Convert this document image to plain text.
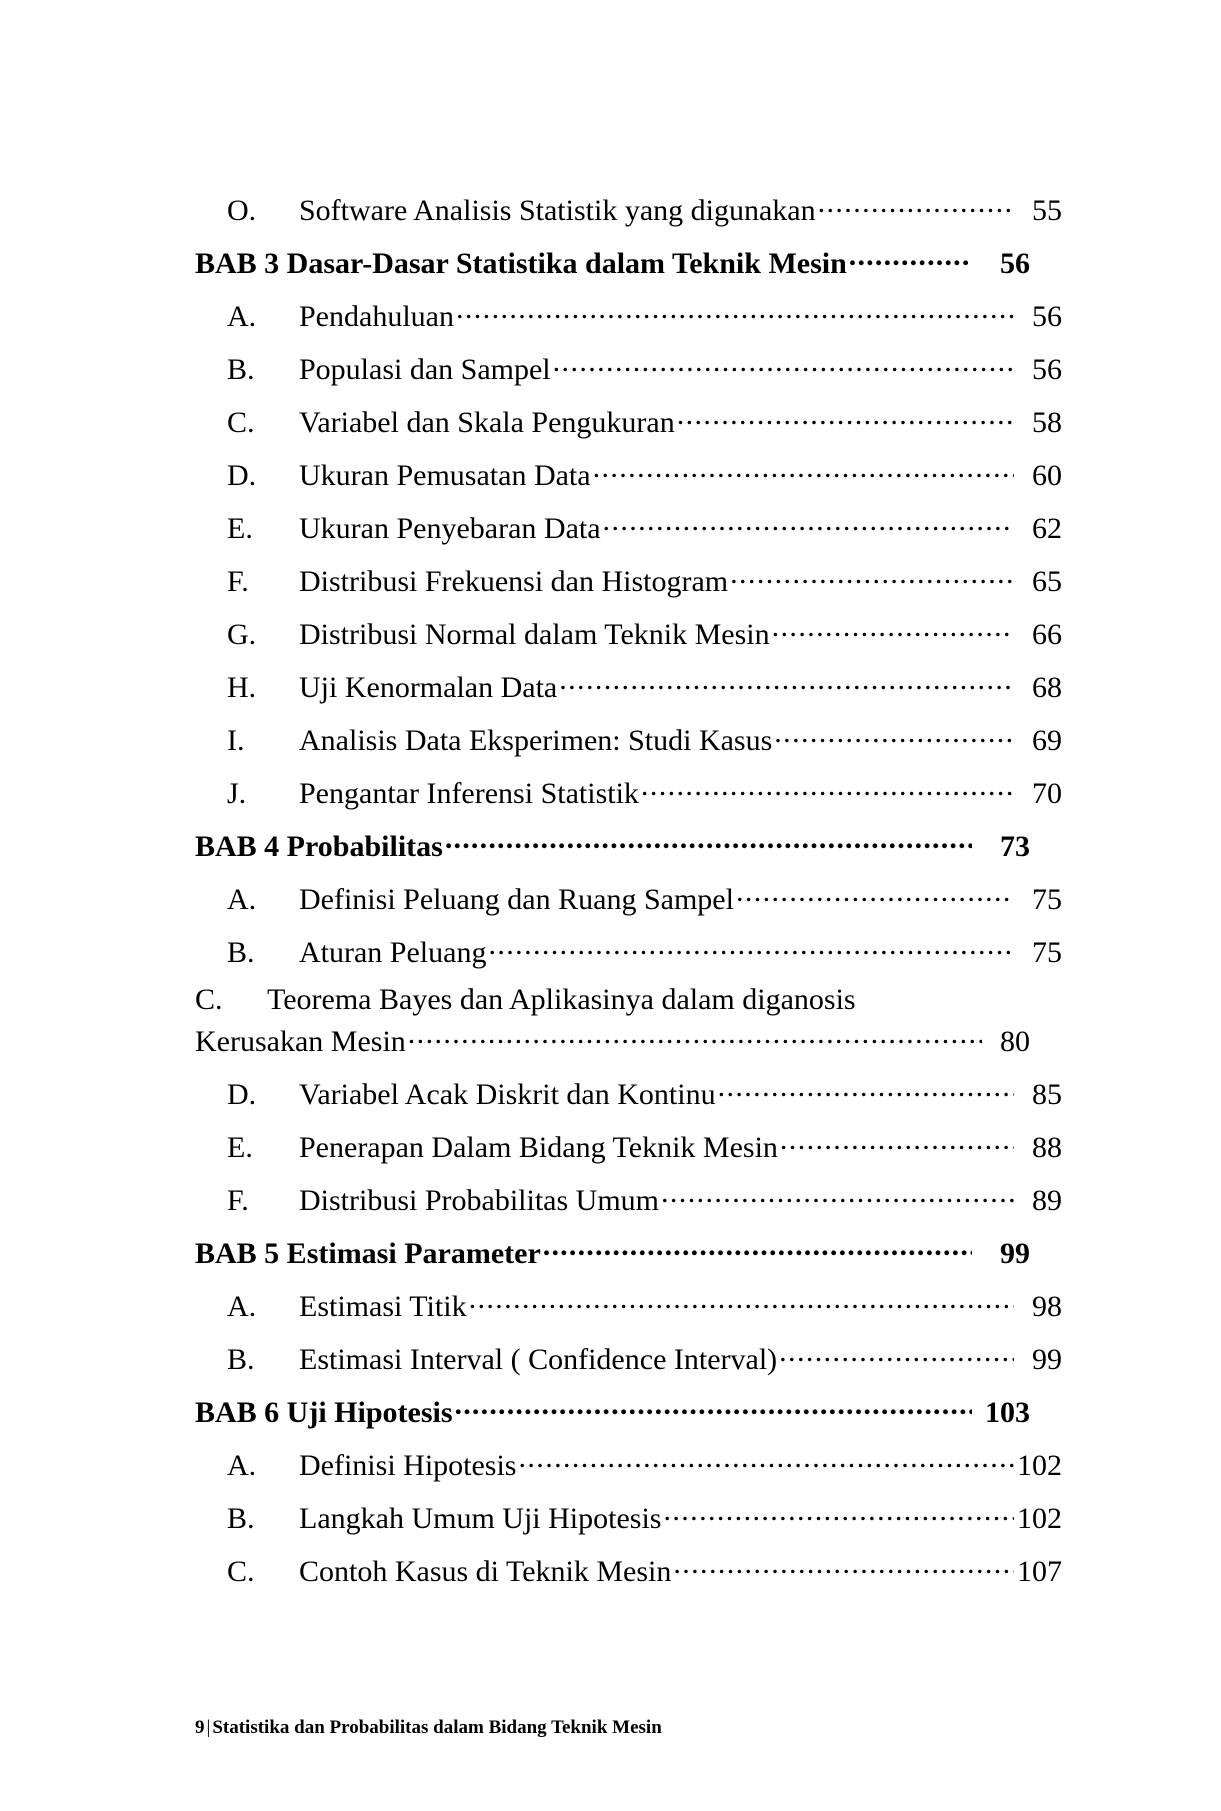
O.	Software Analisis Statistik yang digunakan .....	55
BAB 3 Dasar-Dasar Statistika dalam Teknik Mesin .....	56
A.	Pendahuluan .....	56
B.	Populasi dan Sampel .....	56
C.	Variabel dan Skala Pengukuran .....	58
D.	Ukuran Pemusatan Data .....	60
E.	Ukuran Penyebaran Data .....	62
F.	Distribusi Frekuensi dan Histogram .....	65
G.	Distribusi Normal dalam Teknik Mesin .....	66
H.	Uji Kenormalan Data .....	68
I.	Analisis Data Eksperimen: Studi Kasus .....	69
J.	Pengantar Inferensi Statistik .....	70
BAB 4 Probabilitas .....	73
A.	Definisi Peluang dan Ruang Sampel .....	75
B.	Aturan Peluang .....	75
C.	Teorema Bayes dan Aplikasinya dalam diganosis
Kerusakan Mesin .....	80
D.	Variabel Acak Diskrit dan Kontinu .....	85
E.	Penerapan Dalam Bidang Teknik Mesin .....	88
F.	Distribusi Probabilitas Umum .....	89
BAB 5 Estimasi Parameter .....	99
A.	Estimasi Titik .....	98
B.	Estimasi Interval ( Confidence Interval) .....	99
BAB 6 Uji Hipotesis .....	103
A.	Definisi Hipotesis .....	102
B.	Langkah Umum Uji Hipotesis .....	102
C.	Contoh Kasus di Teknik Mesin .....	107
9 | Statistika dan Probabilitas dalam Bidang Teknik Mesin
